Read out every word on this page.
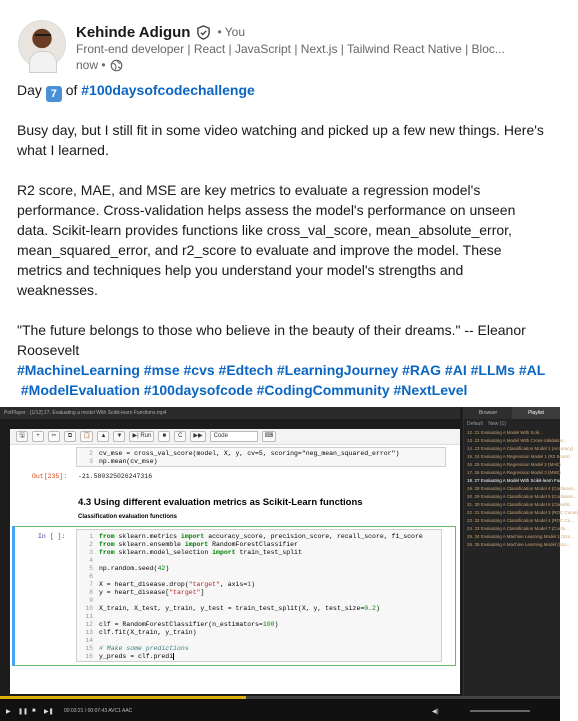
Kehinde Adigun • You
Front-end developer | React | JavaScript | Next.js | Tailwind React Native | Bloc...
now •
Day 7 of #100daysofcodechallenge
Busy day, but I still fit in some video watching and picked up a few new things. Here's what I learned.
R2 score, MAE, and MSE are key metrics to evaluate a regression model's performance. Cross-validation helps assess the model's performance on unseen data. Scikit-learn provides functions like cross_val_score, mean_absolute_error, mean_squared_error, and r2_score to evaluate and improve the model. These metrics and techniques help you understand your model's strengths and weaknesses.
"The future belongs to those who believe in the beauty of their dreams." -- Eleanor
Roosevelt
#MachineLearning #mse #cvs #Edtech #LearningJourney #RAG #AI #LLMs #AL
#ModelEvaluation #100daysofcode #CodingCommunity #NextLevel
PotPlayer · [1/12] 27. Evaluating a model With Scikit-learn Functions.mp4	Browser	Playlist
Default New (1)
12. 21 Evaluating A Model With Scik...
13. 22 Evaluating A Model With Cross-Validation...
14. 23 Evaluating A Classification Model 1 (Accuracy)
15. 24 Evaluating A Regression Model 1 (R2 Score)
16. 25 Evaluating A Regression Model 2 (MAE)
17. 26 Evaluating A Regression Model 3 (MSE)
18. 27 Evaluating A Model With Scikit-learn Funct...
19. 28 Evaluating A Classification Model 4 (Confusion...
20. 29 Evaluating A Classification Model 5 (Confusion...
21. 30 Evaluating A Classification Model 6 (Classific...
22. 31 Evaluating A Classification Model 3 (ROC Curve)
23. 32 Evaluating A Classification Model 4 (ROC Cu...
24. 33 Evaluating A Classification Model 7 (Confu...
25. 34 Evaluating A Machine Learning Model 1 (Sco...
26. 35 Evaluating A Machine Learning Model (Sco...
🖫	+	✂	⧉	📋	▲	▼	▶| Run	■	C	▶▶	Code	⌨
2 cv_mse = cross_val_score(model, X, y, cv=5, scoring="neg_mean_squared_error")
3 np.mean(cv_mse)
Out[235]: -21.580325026247316
4.3 Using different evaluation metrics as Scikit-Learn functions
Classification evaluation functions
In [ ]:	1 from sklearn.metrics import accuracy_score, precision_score, recall_score, f1_score
2 from sklearn.ensemble import RandomForestClassifier
3 from sklearn.model_selection import train_test_split
4
5 np.random.seed(42)
6
7 X = heart_disease.drop("target", axis=1)
8 y = heart_disease["target"]
9
10 X_train, X_test, y_train, y_test = train_test_split(X, y, test_size=0.2)
11
12 clf = RandomForestClassifier(n_estimators=100)
13 clf.fit(X_train, y_train)
14
15 # Make some predictions
16 y_preds = clf.predi
▶ ❚❚ ■ ▶❚ 00:03:21 / 00:07:43 AVC1 AAC	◀)
